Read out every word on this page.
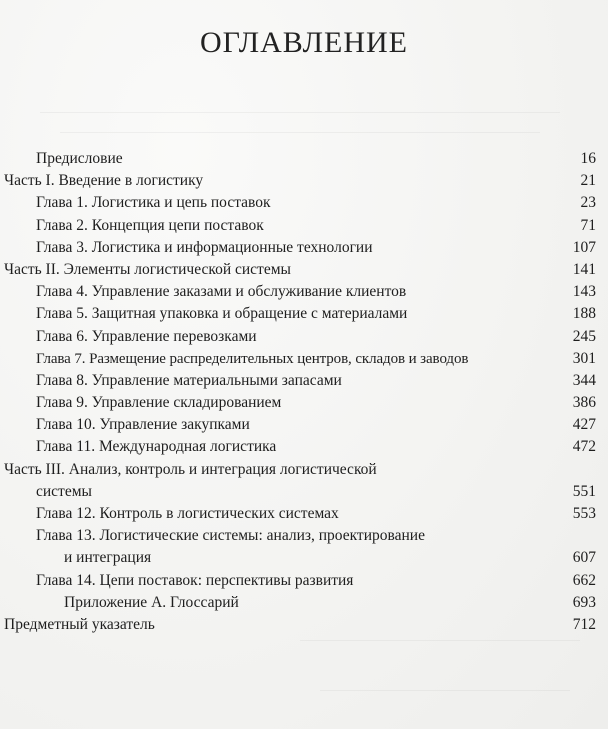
ОГЛАВЛЕНИЕ
Предисловие	16
Часть I. Введение в логистику	21
Глава 1. Логистика и цепь поставок	23
Глава 2. Концепция цепи поставок	71
Глава 3. Логистика и информационные технологии	107
Часть II. Элементы логистической системы	141
Глава 4. Управление заказами и обслуживание клиентов	143
Глава 5. Защитная упаковка и обращение с материалами	188
Глава 6. Управление перевозками	245
Глава 7. Размещение распределительных центров, складов и заводов	301
Глава 8. Управление материальными запасами	344
Глава 9. Управление складированием	386
Глава 10. Управление закупками	427
Глава 11. Международная логистика	472
Часть III. Анализ, контроль и интеграция логистической
системы	551
Глава 12. Контроль в логистических системах	553
Глава 13. Логистические системы: анализ, проектирование
и интеграция	607
Глава 14. Цепи поставок: перспективы развития	662
Приложение А. Глоссарий	693
Предметный указатель	712
